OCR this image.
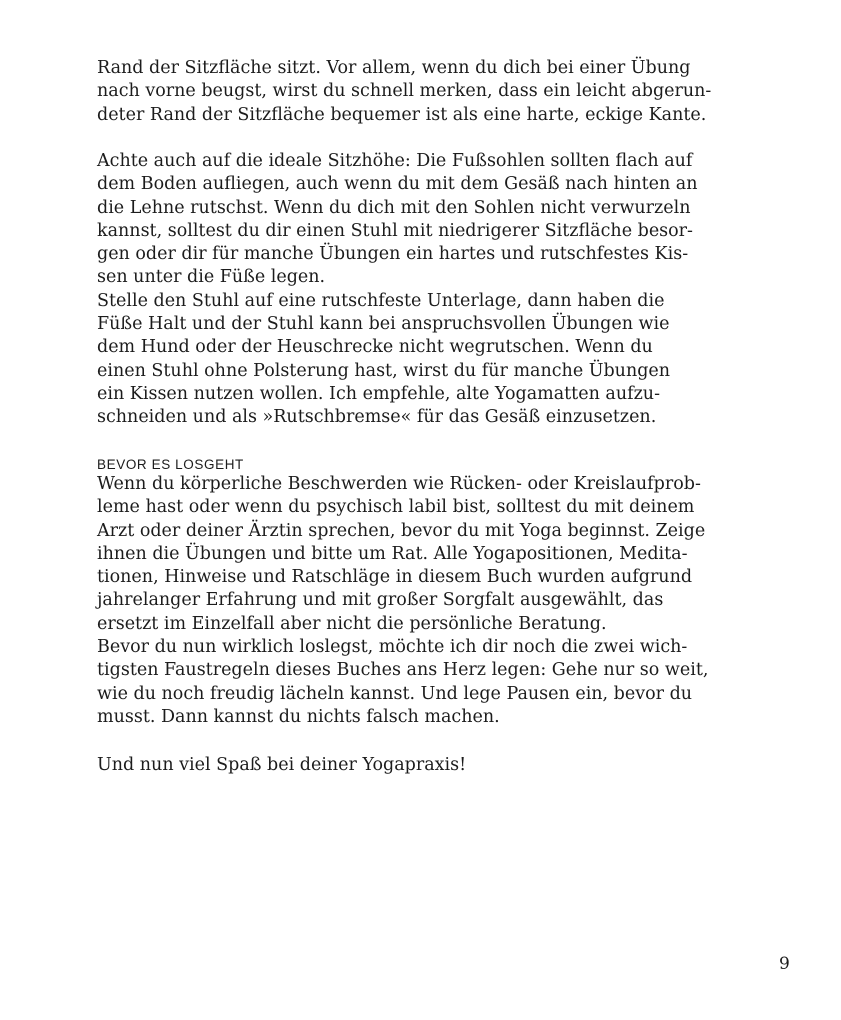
Rand der Sitzfläche sitzt. Vor allem, wenn du dich bei einer Übung
nach vorne beugst, wirst du schnell merken, dass ein leicht abgerun-
deter Rand der Sitzfläche bequemer ist als eine harte, eckige Kante.
Achte auch auf die ideale Sitzhöhe: Die Fußsohlen sollten flach auf
dem Boden aufliegen, auch wenn du mit dem Gesäß nach hinten an
die Lehne rutschst. Wenn du dich mit den Sohlen nicht verwurzeln
kannst, solltest du dir einen Stuhl mit niedrigerer Sitzfläche besor-
gen oder dir für manche Übungen ein hartes und rutschfestes Kis-
sen unter die Füße legen.
Stelle den Stuhl auf eine rutschfeste Unterlage, dann haben die
Füße Halt und der Stuhl kann bei anspruchsvollen Übungen wie
dem Hund oder der Heuschrecke nicht wegrutschen. Wenn du
einen Stuhl ohne Polsterung hast, wirst du für manche Übungen
ein Kissen nutzen wollen. Ich empfehle, alte Yogamatten aufzu-
schneiden und als »Rutschbremse« für das Gesäß einzusetzen.
BEVOR ES LOSGEHT
Wenn du körperliche Beschwerden wie Rücken- oder Kreislaufprob-
leme hast oder wenn du psychisch labil bist, solltest du mit deinem
Arzt oder deiner Ärztin sprechen, bevor du mit Yoga beginnst. Zeige
ihnen die Übungen und bitte um Rat. Alle Yogapositionen, Medita-
tionen, Hinweise und Ratschläge in diesem Buch wurden aufgrund
jahrelanger Erfahrung und mit großer Sorgfalt ausgewählt, das
ersetzt im Einzelfall aber nicht die persönliche Beratung.
Bevor du nun wirklich loslegst, möchte ich dir noch die zwei wich-
tigsten Faustregeln dieses Buches ans Herz legen: Gehe nur so weit,
wie du noch freudig lächeln kannst. Und lege Pausen ein, bevor du
musst. Dann kannst du nichts falsch machen.
Und nun viel Spaß bei deiner Yogapraxis!
9
